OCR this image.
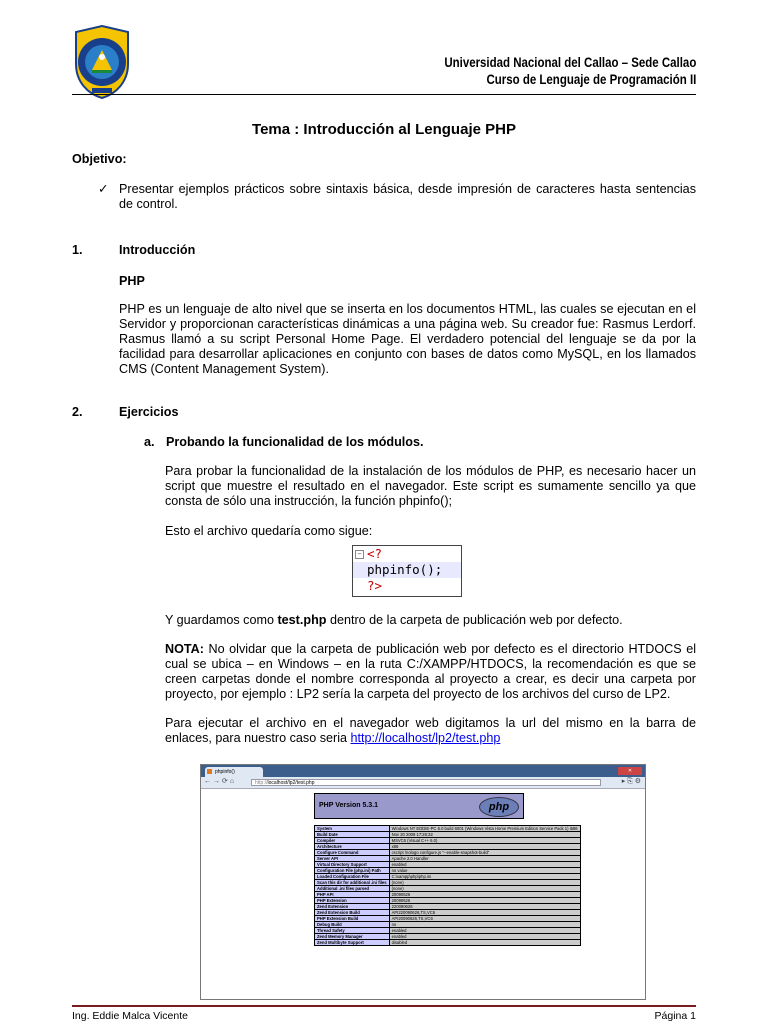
Universidad Nacional del Callao – Sede Callao
Curso de Lenguaje de Programación II
Tema : Introducción al Lenguaje PHP
Objetivo:
✓ Presentar ejemplos prácticos sobre sintaxis básica, desde impresión de caracteres hasta sentencias de control.
1.	Introducción
PHP
PHP es un lenguaje de alto nivel que se inserta en los documentos HTML, las cuales se ejecutan en el Servidor y proporcionan características dinámicas a una página web. Su creador fue: Rasmus Lerdorf. Rasmus llamó a su script Personal Home Page. El verdadero potencial del lenguaje se da por la facilidad para desarrollar aplicaciones en conjunto con bases de datos como MySQL, en los llamados CMS (Content Management System).
2.	Ejercicios
a. Probando la funcionalidad de los módulos.
Para probar la funcionalidad de la instalación de los módulos de PHP, es necesario hacer un script que muestre el resultado en el navegador. Este script es sumamente sencillo ya que consta de sólo una instrucción, la función phpinfo();
Esto el archivo quedaría como sigue:
<?
phpinfo();
?>
−
Y guardamos como test.php dentro de la carpeta de publicación web por defecto.
NOTA: No olvidar que la carpeta de publicación web por defecto es el directorio HTDOCS el cual se ubica – en Windows – en la ruta C:/XAMPP/HTDOCS, la recomendación es que se creen carpetas donde el nombre corresponda al proyecto a crear, es decir una carpeta por proyecto, por ejemplo : LP2 sería la carpeta del proyecto de los archivos del curso de LP2.
Para ejecutar el archivo en el navegador web digitamos la url del mismo en la barra de enlaces, para nuestro caso seria http://localhost/lp2/test.php
phpinfo()	✕
← → ⟳ ⌂	http://localhost/lp2/test.php	▸ ⎘ ⚙
PHP Version 5.3.1	php
System	Windows NT EDDIE-PC 6.0 build 6001 (Windows Vista Home Premium Edition Service Pack 1) i586
Build Date	Nov 20 2009 17:26:32
Compiler	MSVC6 (Visual C++ 6.0)
Architecture	x86
Configure Command	cscript /nologo configure.js "--enable-snapshot-build"
Server API	Apache 2.0 Handler
Virtual Directory Support	enabled
Configuration File (php.ini) Path	no value
Loaded Configuration File	C:\xampp\php\php.ini
Scan this dir for additional .ini files	(none)
Additional .ini files parsed	(none)
PHP API	20090626
PHP Extension	20090626
Zend Extension	220090626
Zend Extension Build	API220090626,TS,VC6
PHP Extension Build	API20090626,TS,VC6
Debug Build	no
Thread Safety	enabled
Zend Memory Manager	enabled
Zend Multibyte Support	disabled
Ing. Eddie Malca Vicente	Página 1
